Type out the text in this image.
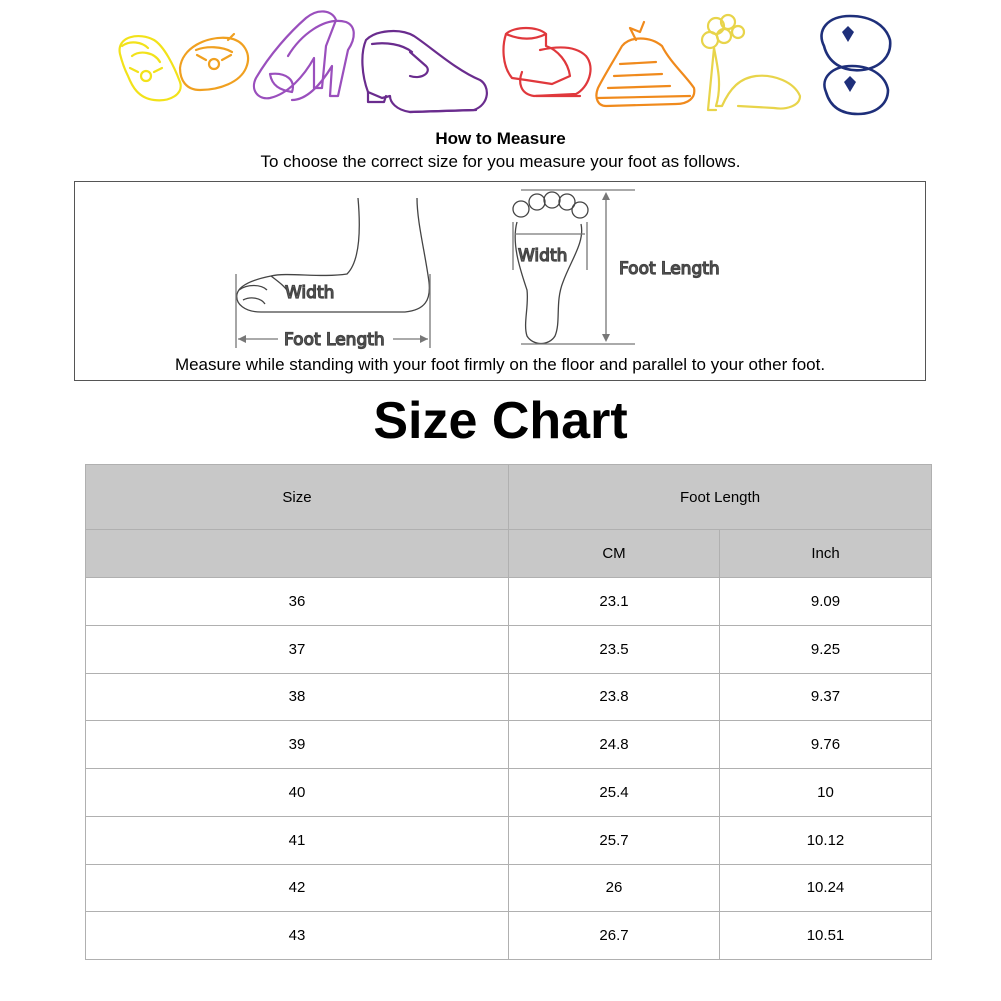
How to Measure
To choose the correct size for you measure your foot as follows.
Width
Foot Length
Width
Foot Length
Measure while standing with your foot firmly on the floor and parallel to your other foot.
Size Chart
Size	Foot Length	
	CM	Inch
36	23.1	9.09
37	23.5	9.25
38	23.8	9.37
39	24.8	9.76
40	25.4	10
41	25.7	10.12
42	26	10.24
43	26.7	10.51
